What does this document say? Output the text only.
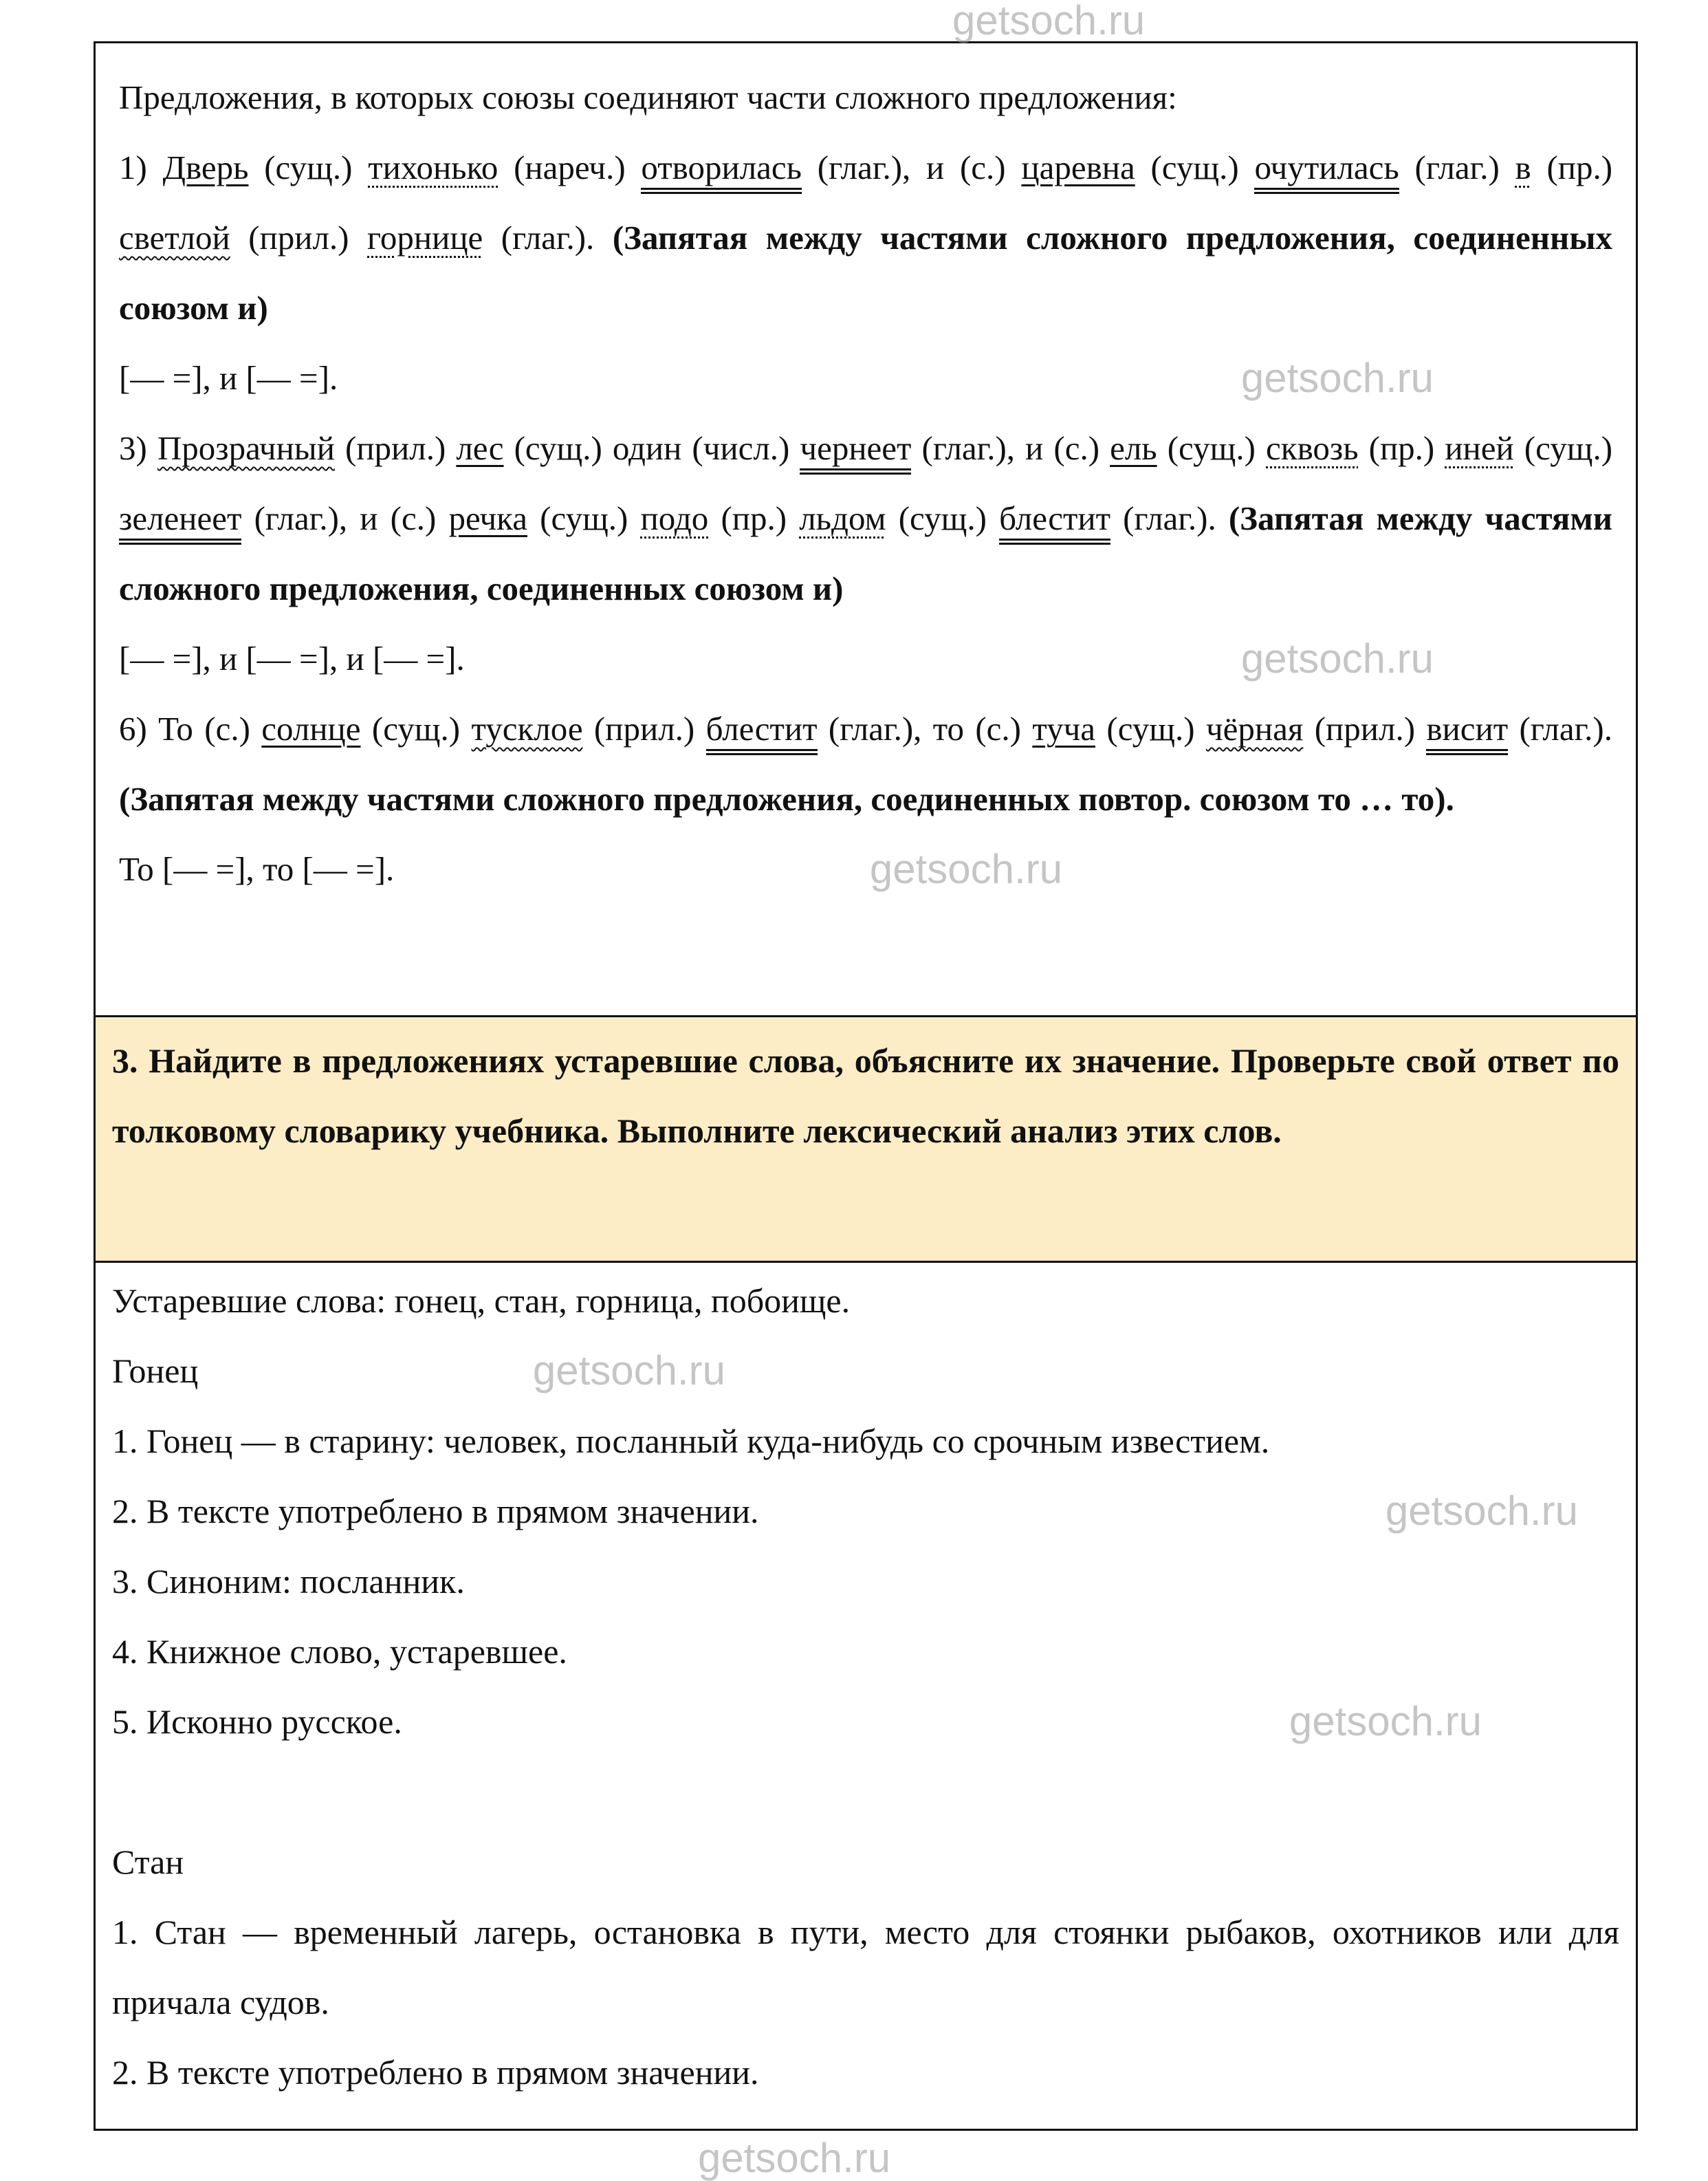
Предложения, в которых союзы соединяют части сложного предложения:

1) Дверь (сущ.) тихонько (нареч.) отворилась (глаг.), и (с.) царевна (сущ.) очутилась (глаг.) в (пр.) светлой (прил.) горнице (глаг.). (Запятая между частями сложного предложения, соединенных союзом и)

[— =], и [— =].	getsoch.ru

3) Прозрачный (прил.) лес (сущ.) один (числ.) чернеет (глаг.), и (с.) ель (сущ.) сквозь (пр.) иней (сущ.) зеленеет (глаг.), и (с.) речка (сущ.) подо (пр.) льдом (сущ.) блестит (глаг.). (Запятая между частями сложного предложения, соединенных союзом и)

[— =], и [— =], и [— =].	getsoch.ru

6) То (с.) солнце (сущ.) тусклое (прил.) блестит (глаг.), то (с.) туча (сущ.) чёрная (прил.) висит (глаг.). (Запятая между частями сложного предложения, соединенных повтор. союзом то … то).

То [— =], то [— =].	getsoch.ru

3. Найдите в предложениях устаревшие слова, объясните их значение. Проверьте свой ответ по толковому словарику учебника. Выполните лексический анализ этих слов.

Устаревшие слова: гонец, стан, горница, побоище.

Гонец	getsoch.ru

1. Гонец — в старину: человек, посланный куда-нибудь со срочным известием.

2. В тексте употреблено в прямом значении.	getsoch.ru

3. Синоним: посланник.

4. Книжное слово, устаревшее.

5. Исконно русское.	getsoch.ru

Стан

1. Стан — временный лагерь, остановка в пути, место для стоянки рыбаков, охотников или для причала судов.

2. В тексте употреблено в прямом значении.

getsoch.ru
getsoch.ru
